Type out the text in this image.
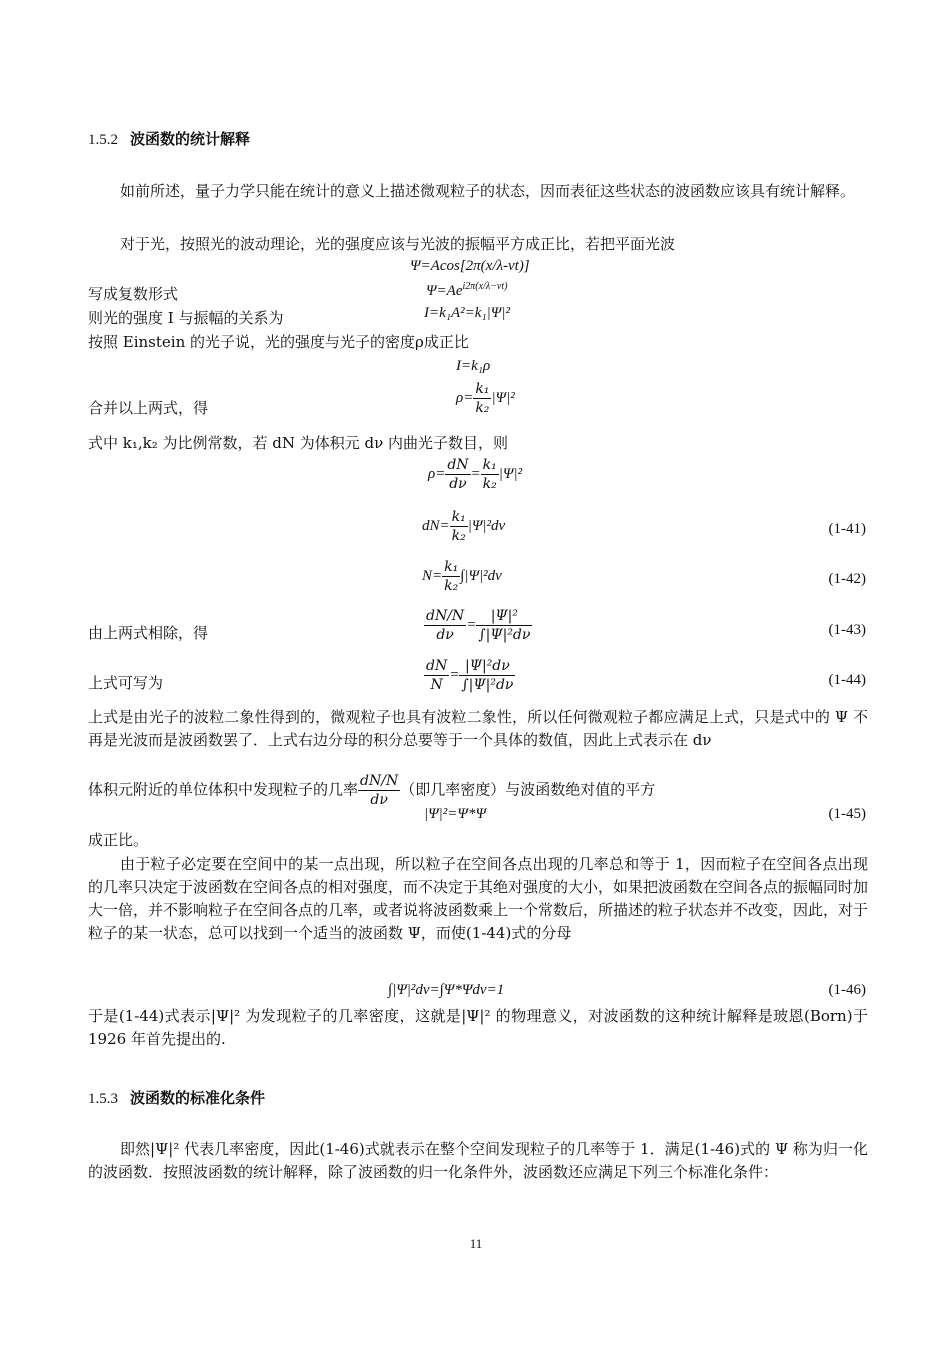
1.5.2 波函数的统计解释
如前所述，量子力学只能在统计的意义上描述微观粒子的状态，因而表征这些状态的波函数应该具有统计解释。
对于光，按照光的波动理论，光的强度应该与光波的振幅平方成正比，若把平面光波
Ψ=Acos[2π(x/λ-νt)]
写成复数形式	$\Psi=Ae^{i2\pi(x/\lambda-\nu t)}$
则光的强度 I 与振幅的关系为	I=k₁A²=k₁|Ψ|²
按照 Einstein 的光子说，光的强度与光子的密度ρ成正比
I=k₁ρ
合并以上两式，得
$\rho= \frac{\text{k₁}}{\text{k₂}} |\Psi|^2$
式中 k₁,k₂ 为比例常数，若 dN 为体积元 dν 内曲光子数目，则
$\rho= \frac{dN}{d\nu} = \frac{\text{k₁}}{\text{k₂}} |\Psi|^2$
$dN= \frac{\text{k₁}}{\text{k₂}} |\Psi|^2d\nu$	(1-41)
$N= \frac{\text{k₁}}{\text{k₂}} \int|\Psi|^2d\nu$	(1-42)
由上两式相除，得	$\frac{dN/N}{d\nu} = \frac{\text{|Ψ|²}}{\text{∫|Ψ|²dν}}$	(1-43)
上式可写为	$\frac{dN}{N} = \frac{\text{|Ψ|²dν}}{\text{∫|Ψ|²dν}}$	(1-44)
上式是由光子的波粒二象性得到的，微观粒子也具有波粒二象性，所以任何微观粒子都应满足上式，只是式中的 Ψ 不再是光波而是波函数罢了．上式右边分母的积分总要等于一个具体的数值，因此上式表示在 dν
体积元附近的单位体积中发现粒子的几率 $\frac{dN/N}{d\nu}$ （即几率密度）与波函数绝对值的平方
|Ψ|²=Ψ*Ψ	(1-45)
成正比。
由于粒子必定要在空间中的某一点出现，所以粒子在空间各点出现的几率总和等于 1，因而粒子在空间各点出现的几率只决定于波函数在空间各点的相对强度，而不决定于其绝对强度的大小，如果把波函数在空间各点的振幅同时加大一倍，并不影响粒子在空间各点的几率，或者说将波函数乘上一个常数后，所描述的粒子状态并不改变，因此，对于粒子的某一状态，总可以找到一个适当的波函数 Ψ，而使(1-44)式的分母
∫|Ψ|²dν=∫Ψ*Ψdν=1	(1-46)
于是(1-44)式表示|Ψ|² 为发现粒子的几率密度，这就是|Ψ|² 的物理意义，对波函数的这种统计解释是玻恩(Born)于 1926 年首先提出的.
1.5.3 波函数的标准化条件
即然|Ψ|² 代表几率密度，因此(1-46)式就表示在整个空间发现粒子的几率等于 1．满足(1-46)式的 Ψ 称为归一化的波函数．按照波函数的统计解释，除了波函数的归一化条件外，波函数还应满足下列三个标准化条件：
11
